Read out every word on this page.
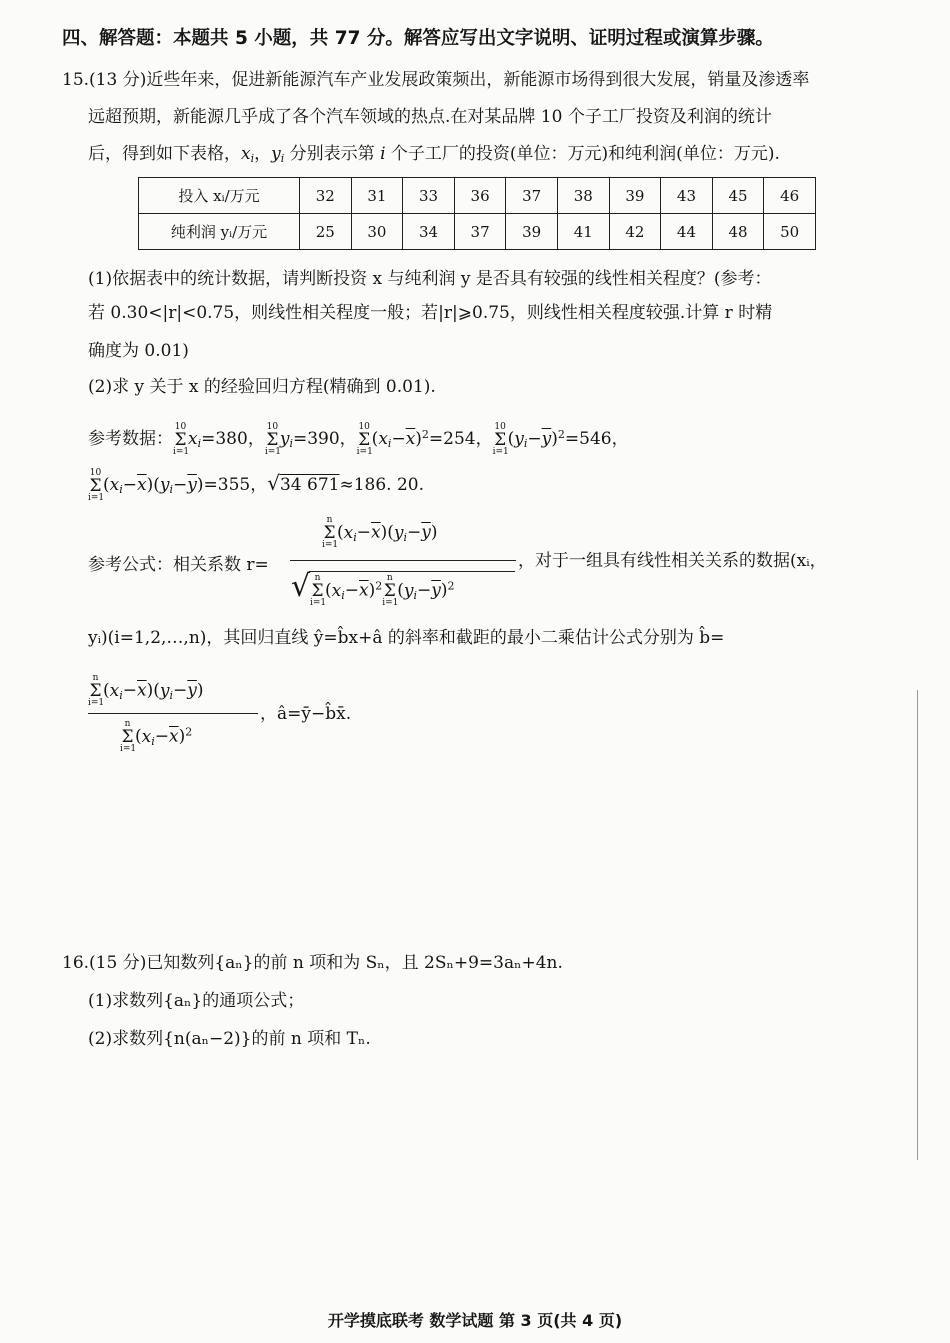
四、解答题：本题共 5 小题，共 77 分。解答应写出文字说明、证明过程或演算步骤。
15.(13 分)近些年来，促进新能源汽车产业发展政策频出，新能源市场得到很大发展，销量及渗透率
远超预期，新能源几乎成了各个汽车领域的热点.在对某品牌 10 个子工厂投资及利润的统计
后，得到如下表格，$x_i$，$y_i$ 分别表示第 i 个子工厂的投资(单位：万元)和纯利润(单位：万元).
投入 xᵢ/万元	32	31	33	36	37	38	39	43	45	46
纯利润 yᵢ/万元	25	30	34	37	39	41	42	44	48	50
(1)依据表中的统计数据，请判断投资 x 与纯利润 y 是否具有较强的线性相关程度？(参考：
若 0.30<|r|<0.75，则线性相关程度一般；若|r|⩾0.75，则线性相关程度较强.计算 r 时精
确度为 0.01)
(2)求 y 关于 x 的经验回归方程(精确到 0.01).
参考数据：
10
Σ
i=1
$x_i=380$，
10
Σ
i=1
$y_i=390$，
10
Σ
i=1
$(x_i-\overline{x})^2=254$，
10
Σ
i=1
$(y_i-\overline{y})^2=546$，
10
Σ
i=1
$(x_i-\overline{x})(y_i-\overline{y})=355$，√34 671≈186. 20.
参考公式：相关系数 r=
n
Σ
i=1
$(x_i-\overline{x})(y_i-\overline{y})$
√ n
Σ
i=1
$(x_i-\overline{x})^2$
n
Σ
i=1
$(y_i-\overline{y})^2$
，对于一组具有线性相关关系的数据(xᵢ，
yᵢ)(i=1,2,…,n)，其回归直线 ŷ=b̂x+â 的斜率和截距的最小二乘估计公式分别为 b̂=
n
Σ
i=1
$(x_i-\overline{x})(y_i-\overline{y})$
n
Σ
i=1
$(x_i-\overline{x})^2$
，â=ȳ−b̂x̄.
16.(15 分)已知数列{aₙ}的前 n 项和为 Sₙ，且 2Sₙ+9=3aₙ+4n.
(1)求数列{aₙ}的通项公式；
(2)求数列{n(aₙ−2)}的前 n 项和 Tₙ.
开学摸底联考 数学试题 第 3 页(共 4 页)
